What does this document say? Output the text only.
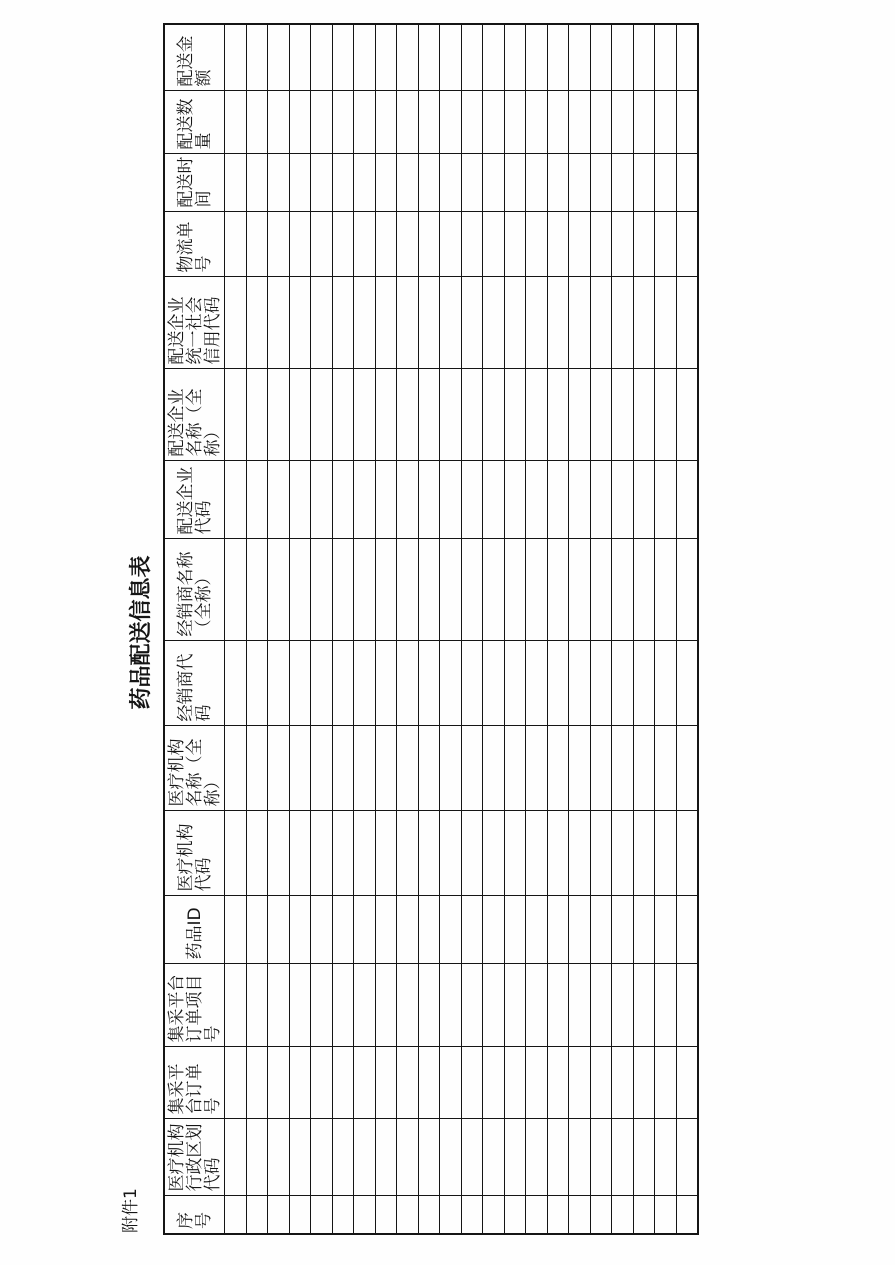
附件1
药品配送信息表
序号	医疗机构行政区划代码	集采平台订单号	集采平台订单项目号	药品ID	医疗机构代码	医疗机构名称（全称）	经销商代码	经销商名称（全称）	配送企业代码	配送企业名称（全称）	配送企业统一社会信用代码	物流单号	配送时间	配送数量	配送金额
